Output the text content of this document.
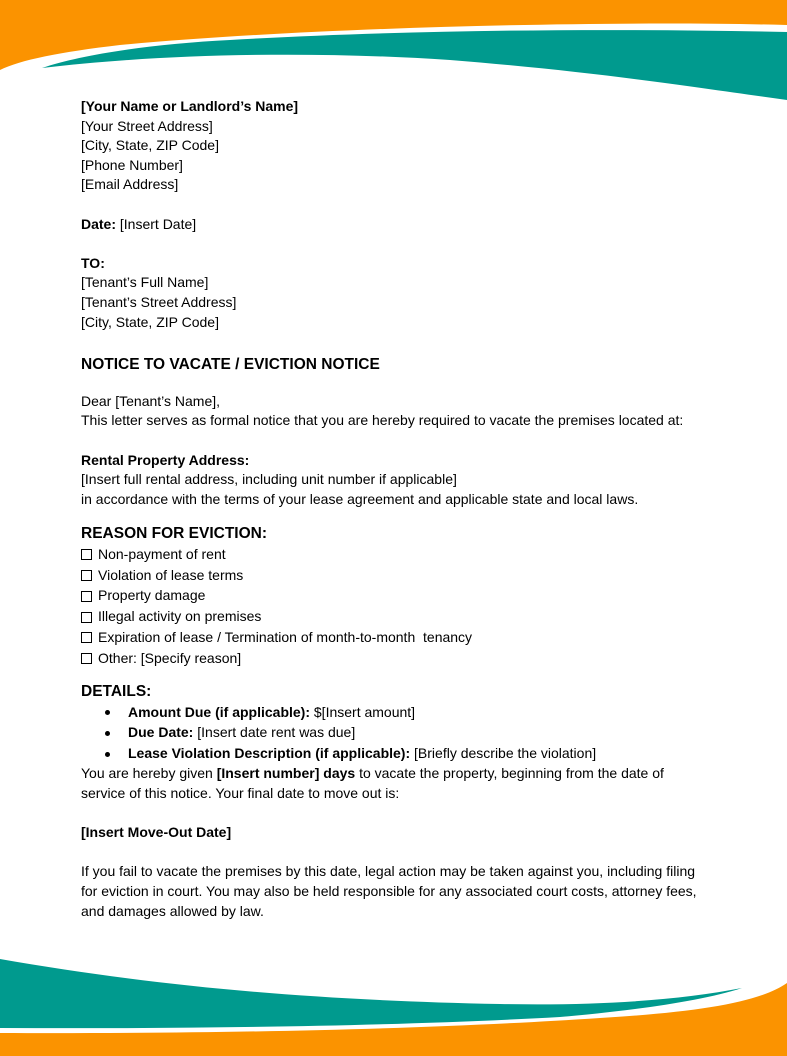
[Your Name or Landlord’s Name]
[Your Street Address]
[City, State, ZIP Code]
[Phone Number]
[Email Address]
Date: [Insert Date]
TO:
[Tenant’s Full Name]
[Tenant’s Street Address]
[City, State, ZIP Code]
NOTICE TO VACATE / EVICTION NOTICE
Dear [Tenant’s Name],
This letter serves as formal notice that you are hereby required to vacate the premises located at:
Rental Property Address:
[Insert full rental address, including unit number if applicable]
in accordance with the terms of your lease agreement and applicable state and local laws.
REASON FOR EVICTION:
Non-payment of rent
Violation of lease terms
Property damage
Illegal activity on premises
Expiration of lease / Termination of month-to-month  tenancy
Other: [Specify reason]
DETAILS:
Amount Due (if applicable): $[Insert amount]
Due Date: [Insert date rent was due]
Lease Violation Description (if applicable): [Briefly describe the violation]
You are hereby given [Insert number] days to vacate the property, beginning from the date of service of this notice. Your final date to move out is:
[Insert Move-Out Date]
If you fail to vacate the premises by this date, legal action may be taken against you, including filing for eviction in court. You may also be held responsible for any associated court costs, attorney fees, and damages allowed by law.
